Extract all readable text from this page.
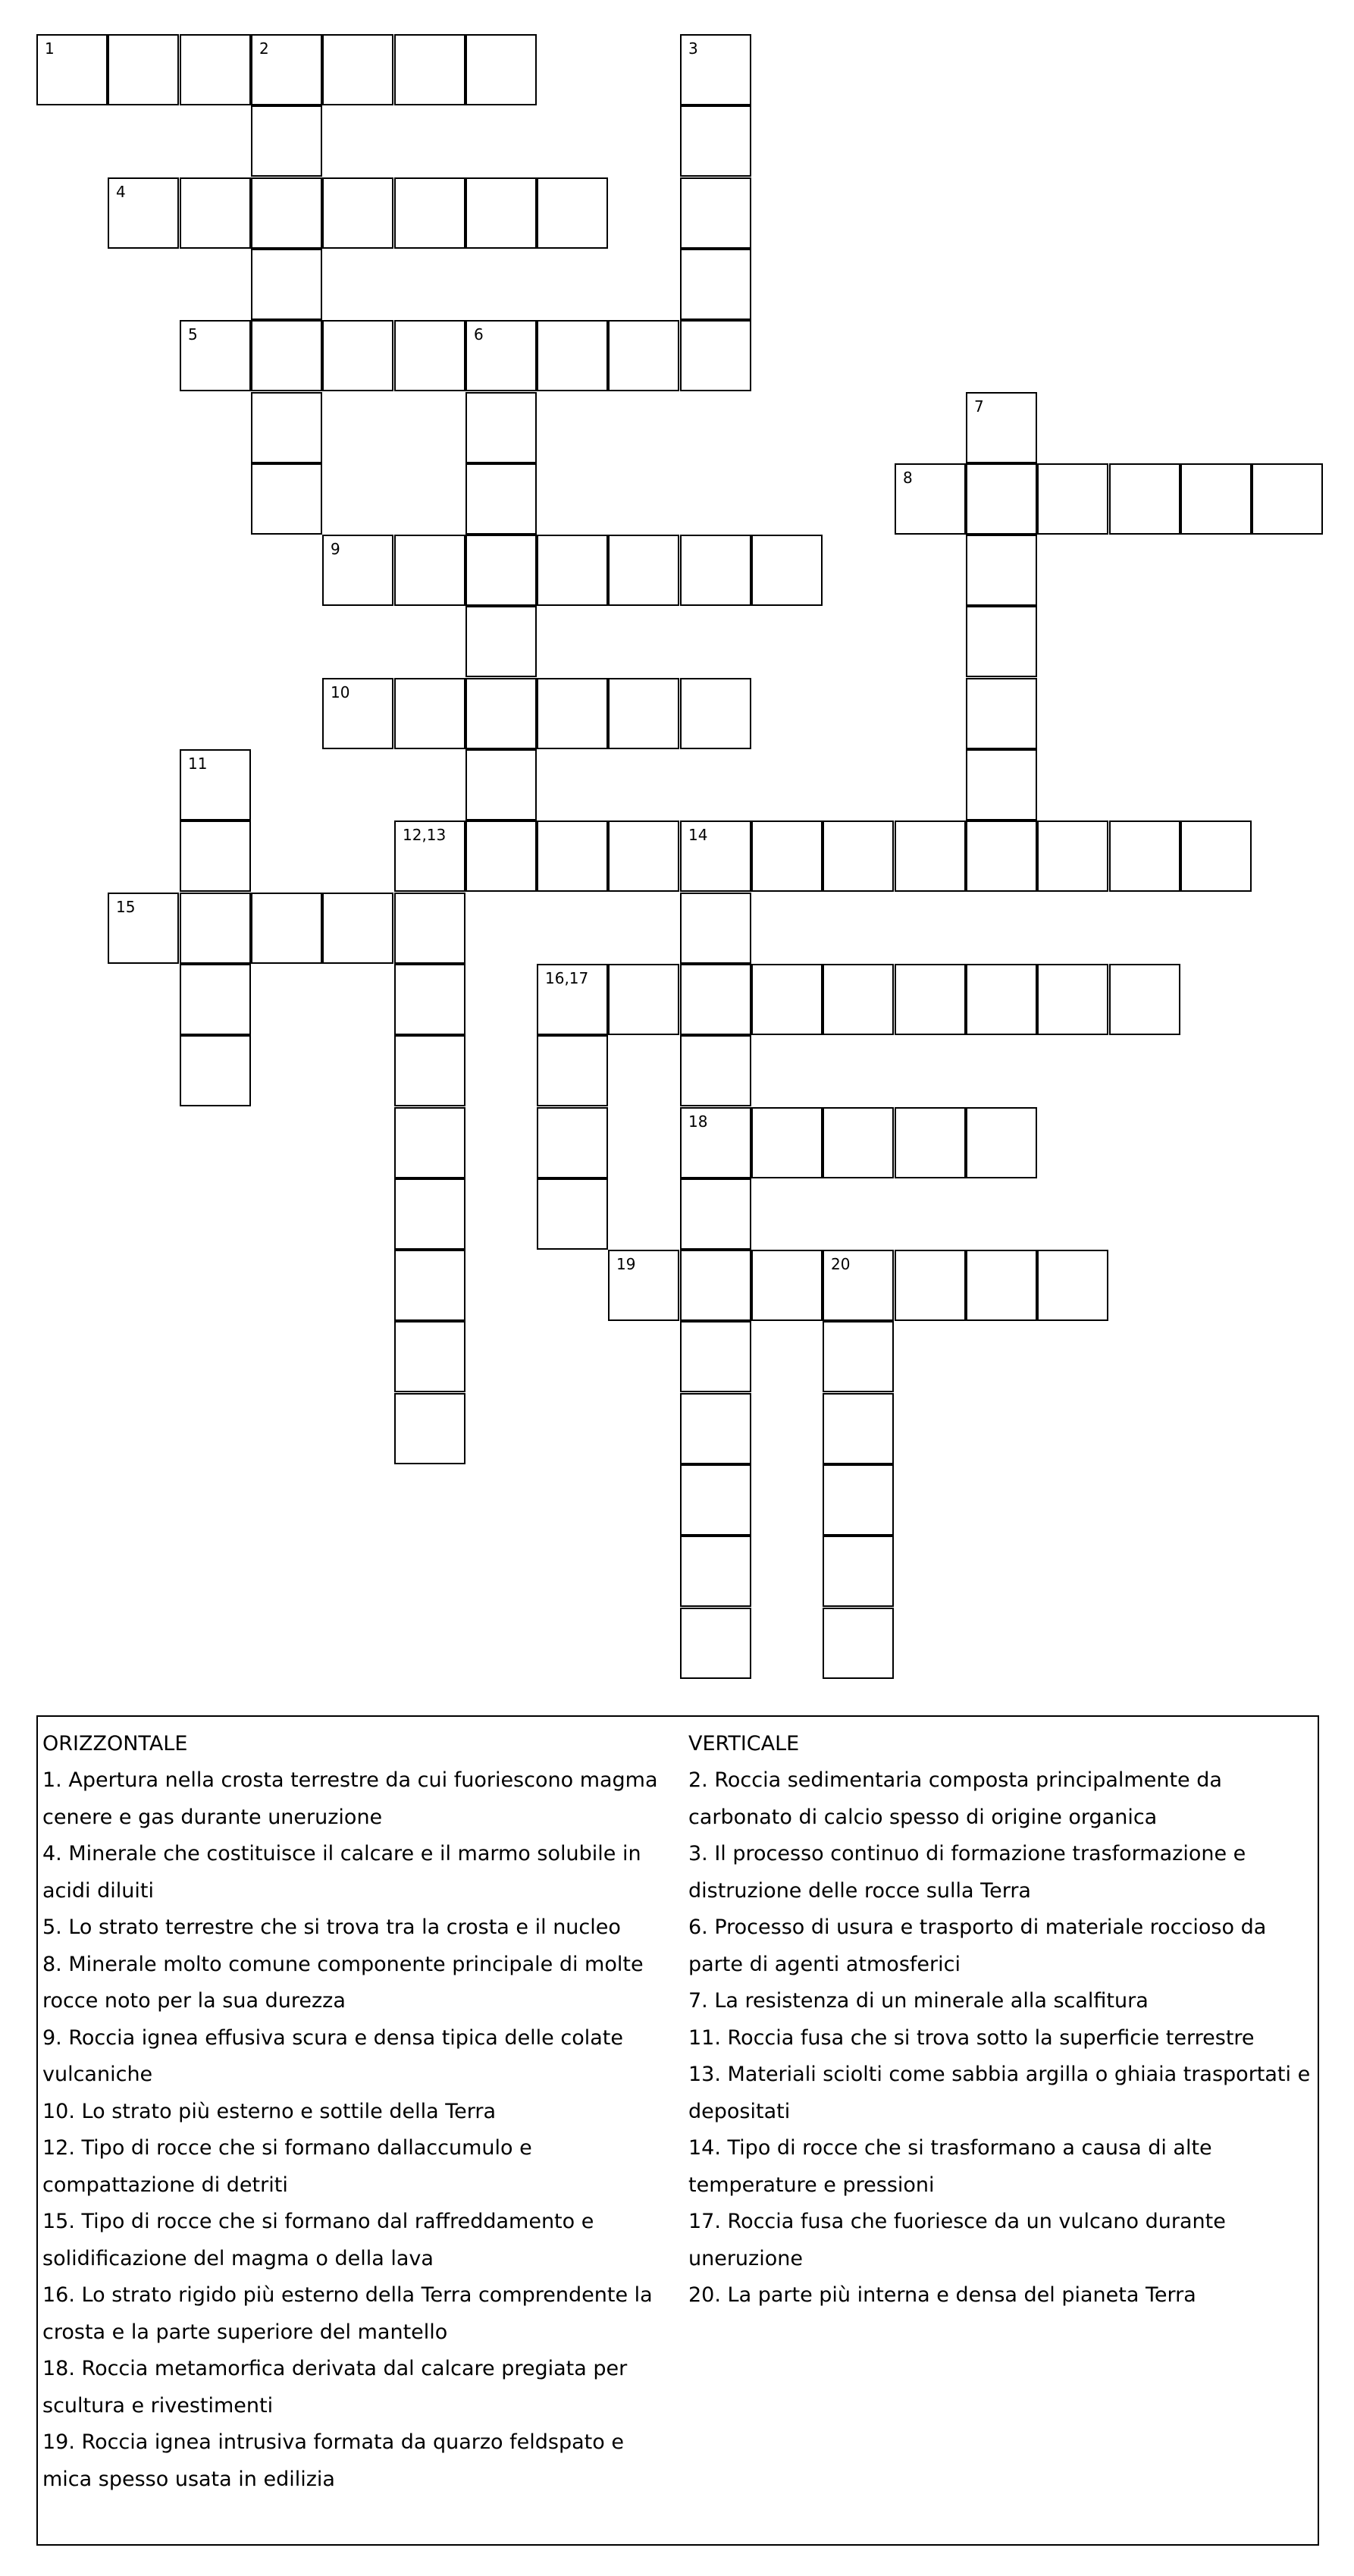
1	2	3
4
5	6
7
8
9
10
11
12,13	14
15
16,17
18
19	20
ORIZZONTALE
1. Apertura nella crosta terrestre da cui fuoriescono magma
cenere e gas durante uneruzione
4. Minerale che costituisce il calcare e il marmo solubile in
acidi diluiti
5. Lo strato terrestre che si trova tra la crosta e il nucleo
8. Minerale molto comune componente principale di molte
rocce noto per la sua durezza
9. Roccia ignea effusiva scura e densa tipica delle colate
vulcaniche
10. Lo strato più esterno e sottile della Terra
12. Tipo di rocce che si formano dallaccumulo e
compattazione di detriti
15. Tipo di rocce che si formano dal raffreddamento e
solidificazione del magma o della lava
16. Lo strato rigido più esterno della Terra comprendente la
crosta e la parte superiore del mantello
18. Roccia metamorfica derivata dal calcare pregiata per
scultura e rivestimenti
19. Roccia ignea intrusiva formata da quarzo feldspato e
mica spesso usata in edilizia
VERTICALE
2. Roccia sedimentaria composta principalmente da
carbonato di calcio spesso di origine organica
3. Il processo continuo di formazione trasformazione e
distruzione delle rocce sulla Terra
6. Processo di usura e trasporto di materiale roccioso da
parte di agenti atmosferici
7. La resistenza di un minerale alla scalfitura
11. Roccia fusa che si trova sotto la superficie terrestre
13. Materiali sciolti come sabbia argilla o ghiaia trasportati e
depositati
14. Tipo di rocce che si trasformano a causa di alte
temperature e pressioni
17. Roccia fusa che fuoriesce da un vulcano durante
uneruzione
20. La parte più interna e densa del pianeta Terra
